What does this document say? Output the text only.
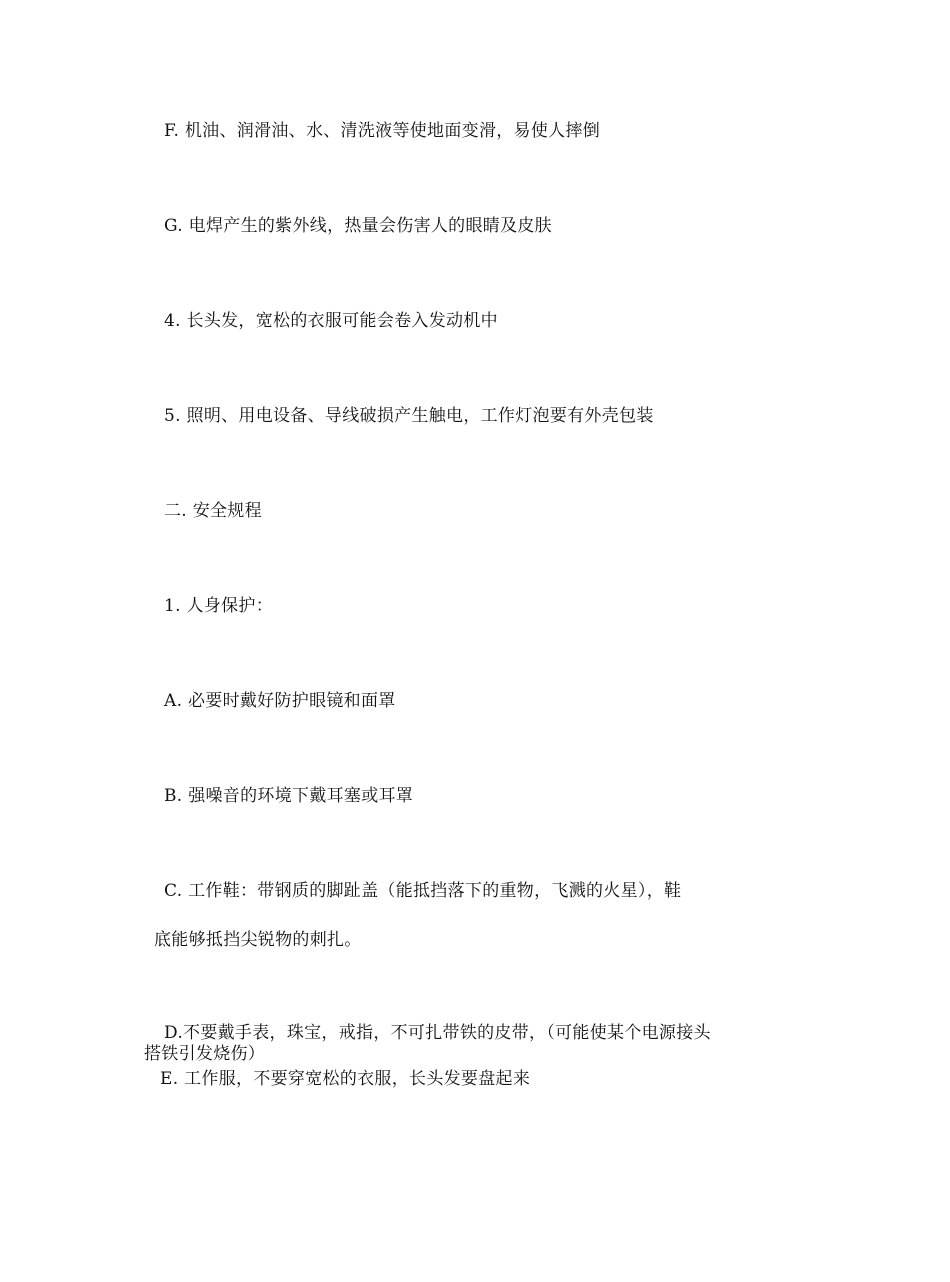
F. 机油、润滑油、水、清洗液等使地面变滑，易使人摔倒
G. 电焊产生的紫外线，热量会伤害人的眼睛及皮肤
4. 长头发，宽松的衣服可能会卷入发动机中
5. 照明、用电设备、导线破损产生触电，工作灯泡要有外壳包装
二. 安全规程
1. 人身保护：
A. 必要时戴好防护眼镜和面罩
B. 强噪音的环境下戴耳塞或耳罩
C. 工作鞋：带钢质的脚趾盖（能抵挡落下的重物，飞溅的火星），鞋
底能够抵挡尖锐物的刺扎。
D.不要戴手表，珠宝，戒指，不可扎带铁的皮带，（可能使某个电源接头
搭铁引发烧伤）
E. 工作服，不要穿宽松的衣服，长头发要盘起来
